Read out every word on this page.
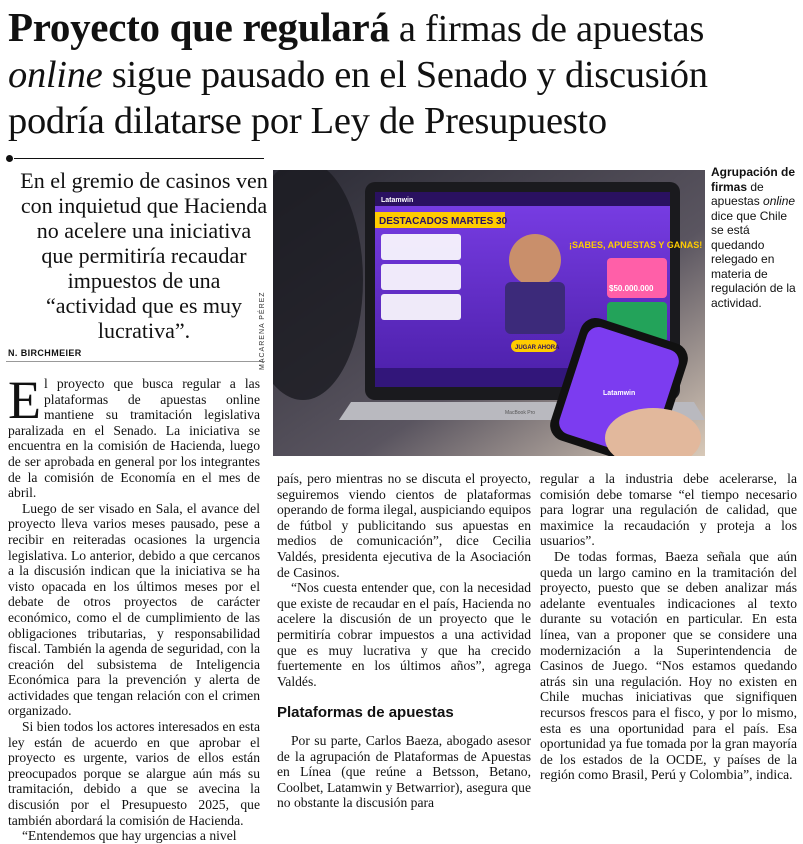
Proyecto que regulará a firmas de apuestas online sigue pausado en el Senado y discusión podría dilatarse por Ley de Presupuesto
En el gremio de casinos ven con inquietud que Hacienda no acelere una iniciativa que permitiría recaudar impuestos de una “actividad que es muy lucrativa”.
N. BIRCHMEIER
Latamwin
DESTACADOS MARTES 30
¡SABES, APUESTAS Y GANAS!
JUGAR AHORA
$50.000.000
MacBook Pro
Latamwin
MACARENA PÉREZ
Agrupación de firmas de apuestas online dice que Chile se está quedando relegado en materia de regulación de la actividad.

El proyecto que busca regular a las plataformas de apuestas online mantiene su tramitación legislativa paralizada en el Senado. La iniciativa se encuentra en la comisión de Hacienda, luego de ser aprobada en general por los integrantes de la comisión de Economía en el mes de abril.

Luego de ser visado en Sala, el avance del proyecto lleva varios meses pausado, pese a recibir en reiteradas ocasiones la urgencia legislativa. Lo anterior, debido a que cercanos a la discusión indican que la iniciativa se ha visto opacada en los últimos meses por el debate de otros proyectos de carácter económico, como el de cumplimiento de las obligaciones tributarias, y responsabilidad fiscal. También la agenda de seguridad, con la creación del subsistema de Inteligencia Económica para la prevención y alerta de actividades que tengan relación con el crimen organizado.

Si bien todos los actores interesados en esta ley están de acuerdo en que aprobar el proyecto es urgente, varios de ellos están preocupados porque se alargue aún más su tramitación, debido a que se avecina la discusión por el Presupuesto 2025, que también abordará la comisión de Hacienda.

“Entendemos que hay urgencias a nivel

país, pero mientras no se discuta el proyecto, seguiremos viendo cientos de plataformas operando de forma ilegal, auspiciando equipos de fútbol y publicitando sus apuestas en medios de comunicación”, dice Cecilia Valdés, presidenta ejecutiva de la Asociación de Casinos.

“Nos cuesta entender que, con la necesidad que existe de recaudar en el país, Hacienda no acelere la discusión de un proyecto que le permitiría cobrar impuestos a una actividad que es muy lucrativa y que ha crecido fuertemente en los últimos años”, agrega Valdés.

Plataformas de apuestas

Por su parte, Carlos Baeza, abogado asesor de la agrupación de Plataformas de Apuestas en Línea (que reúne a Betsson, Betano, Coolbet, Latamwin y Betwarrior), asegura que no obstante la discusión para

regular a la industria debe acelerarse, la comisión debe tomarse “el tiempo necesario para lograr una regulación de calidad, que maximice la recaudación y proteja a los usuarios”.

De todas formas, Baeza señala que aún queda un largo camino en la tramitación del proyecto, puesto que se deben analizar más adelante eventuales indicaciones al texto durante su votación en particular. En esta línea, van a proponer que se considere una modernización a la Superintendencia de Casinos de Juego. “Nos estamos quedando atrás sin una regulación. Hoy no existen en Chile muchas iniciativas que signifiquen recursos frescos para el fisco, y por lo mismo, esta es una oportunidad para el país. Esa oportunidad ya fue tomada por la gran mayoría de los estados de la OCDE, y países de la región como Brasil, Perú y Colombia”, indica.
